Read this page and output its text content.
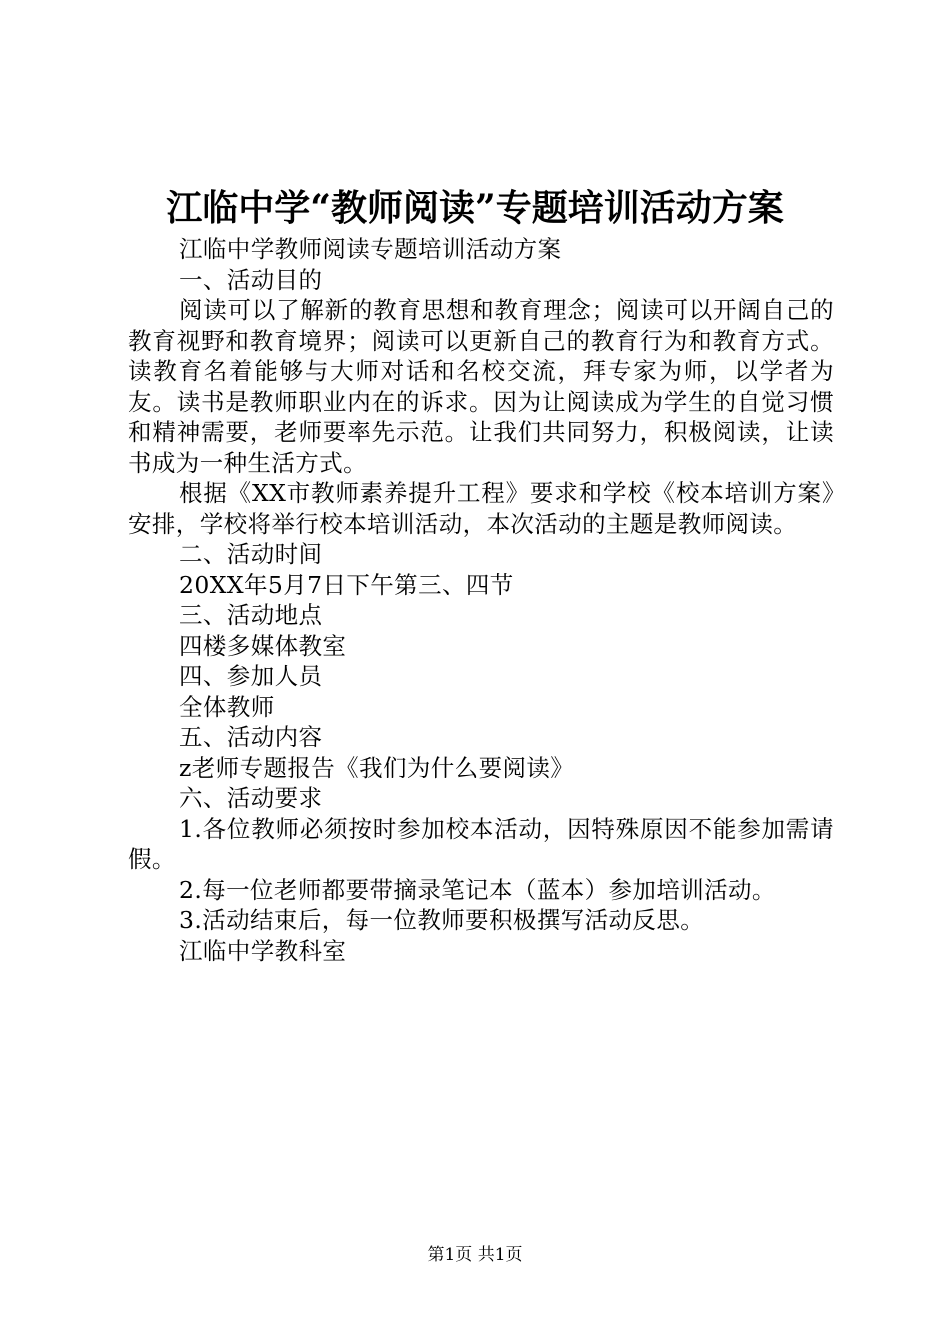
江临中学“教师阅读”专题培训活动方案

江临中学教师阅读专题培训活动方案

一、活动目的

阅读可以了解新的教育思想和教育理念；阅读可以开阔自己的教育视野和教育境界；阅读可以更新自己的教育行为和教育方式。读教育名着能够与大师对话和名校交流，拜专家为师，以学者为友。读书是教师职业内在的诉求。因为让阅读成为学生的自觉习惯和精神需要，老师要率先示范。让我们共同努力，积极阅读，让读书成为一种生活方式。

根据《XX市教师素养提升工程》要求和学校《校本培训方案》安排，学校将举行校本培训活动，本次活动的主题是教师阅读。

二、活动时间

20XX年5月7日下午第三、四节

三、活动地点

四楼多媒体教室

四、参加人员

全体教师

五、活动内容

z老师专题报告《我们为什么要阅读》

六、活动要求

1.各位教师必须按时参加校本活动，因特殊原因不能参加需请假。

2.每一位老师都要带摘录笔记本（蓝本）参加培训活动。

3.活动结束后，每一位教师要积极撰写活动反思。

江临中学教科室

第1页 共1页
